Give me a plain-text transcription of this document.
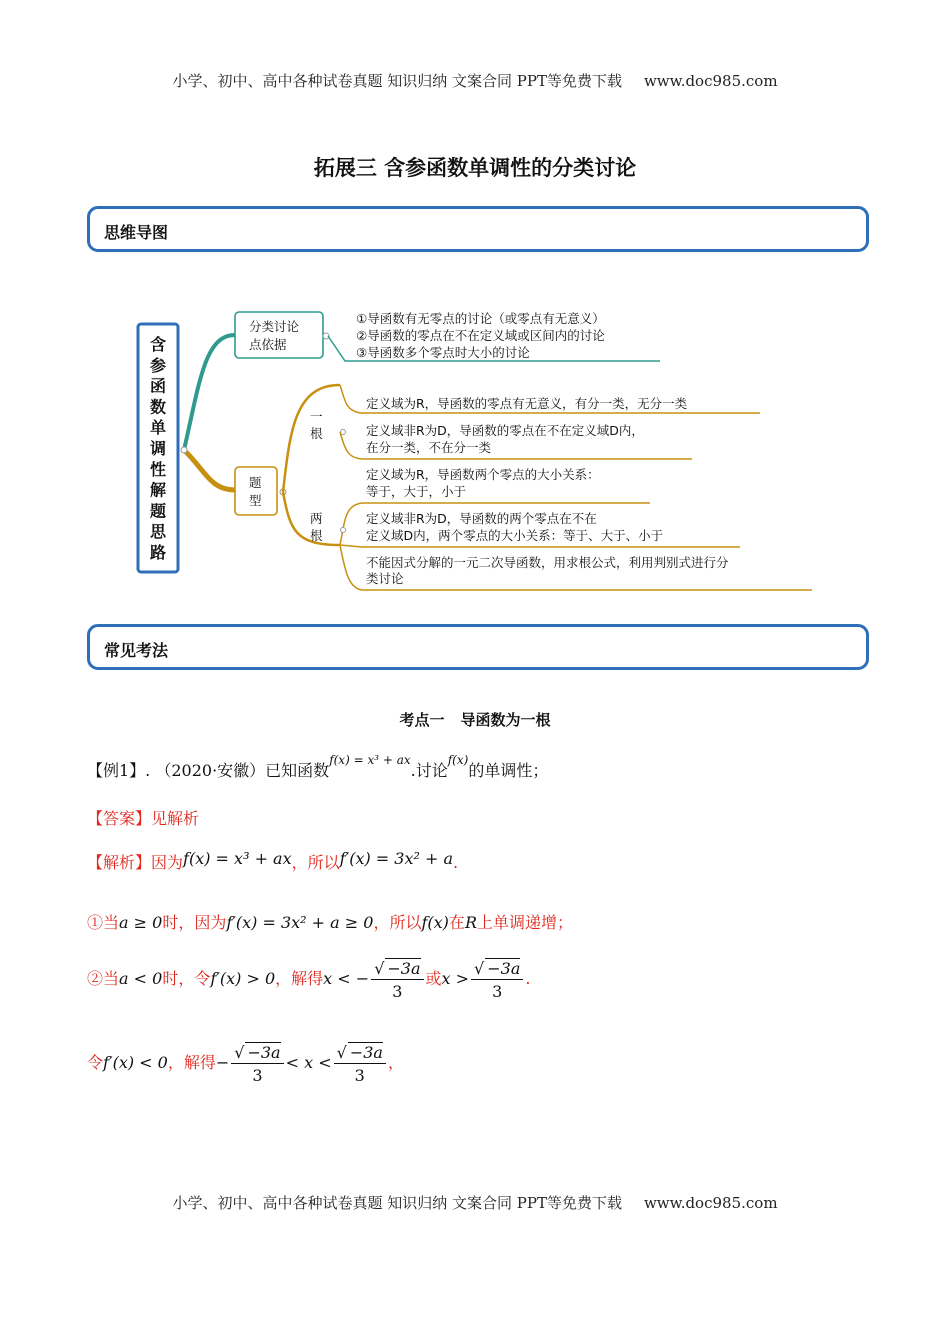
小学、初中、高中各种试卷真题 知识归纳 文案合同 PPT等免费下载 www.doc985.com
拓展三 含参函数单调性的分类讨论
思维导图
含
参
函
数
单
调
性
解
题
思
路
分类讨论
点依据
①导函数有无零点的讨论（或零点有无意义）
②导函数的零点在不在定义域或区间内的讨论
③导函数多个零点时大小的讨论
题
型
一
根
定义域为R，导函数的零点有无意义，有分一类，无分一类
定义域非R为D，导函数的零点在不在定义域D内，
在分一类，不在分一类
两
根
定义域为R，导函数两个零点的大小关系：
等于，大于，小于
定义域非R为D，导函数的两个零点在不在
定义域D内，两个零点的大小关系：等于、大于、小于
不能因式分解的一元二次导函数，用求根公式，利用判别式进行分
类讨论
常见考法
考点一 导函数为一根
【例1】. （2020·安徽）已知函数$^{f(x) = x^3 + ax}$.讨论$^{f(x)}$的单调性；
【答案】见解析
【解析】因为f(x) = x³ + ax，所以f′(x) = 3x² + a.
①当a ≥ 0时，因为f′(x) = 3x² + a ≥ 0，所以f(x)在R上单调递增；
②当a < 0时，令f′(x) > 0，解得x < − $\frac{√ -3a}{3}$ 或$x > \frac{√ -3a}{3}$ .
令f′(x) < 0，解得− $\frac{√ -3a}{3} < x < \frac{√ -3a}{3}$ ，
小学、初中、高中各种试卷真题 知识归纳 文案合同 PPT等免费下载 www.doc985.com
